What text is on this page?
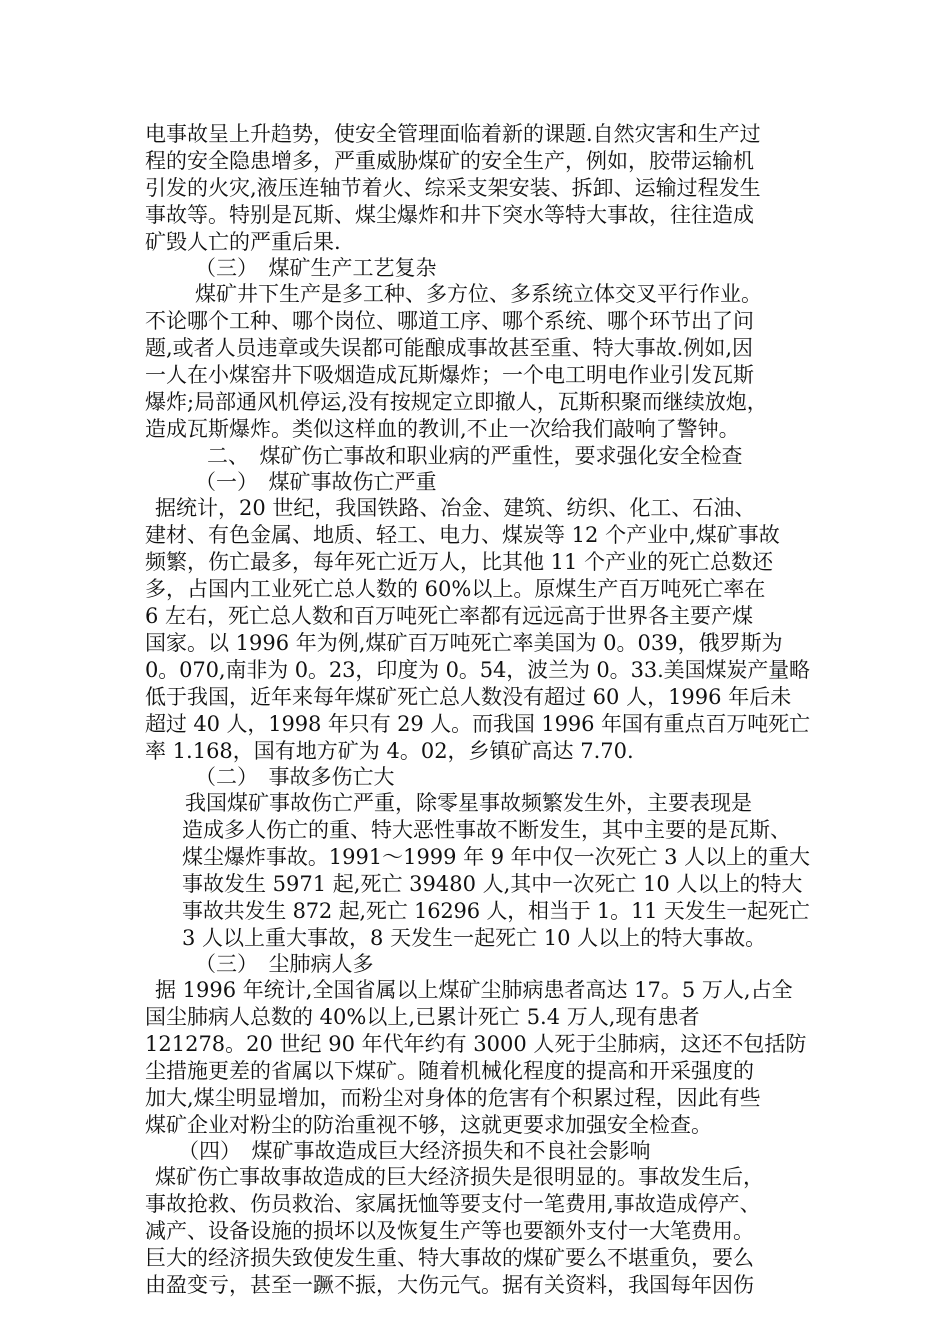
电事故呈上升趋势，使安全管理面临着新的课题.自然灾害和生产过
程的安全隐患增多，严重威胁煤矿的安全生产，例如，胶带运输机
引发的火灾,液压连轴节着火、综采支架安装、拆卸、运输过程发生
事故等。特别是瓦斯、煤尘爆炸和井下突水等特大事故，往往造成
矿毁人亡的严重后果.
（三）　煤矿生产工艺复杂
煤矿井下生产是多工种、多方位、多系统立体交叉平行作业。
不论哪个工种、哪个岗位、哪道工序、哪个系统、哪个环节出了问
题,或者人员违章或失误都可能酿成事故甚至重、特大事故.例如,因
一人在小煤窑井下吸烟造成瓦斯爆炸；一个电工明电作业引发瓦斯
爆炸;局部通风机停运,没有按规定立即撤人，瓦斯积聚而继续放炮，
造成瓦斯爆炸。类似这样血的教训,不止一次给我们敲响了警钟。
二、　煤矿伤亡事故和职业病的严重性，要求强化安全检查
（一）　煤矿事故伤亡严重
据统计，20 世纪，我国铁路、冶金、建筑、纺织、化工、石油、
建材、有色金属、地质、轻工、电力、煤炭等 12 个产业中,煤矿事故
频繁，伤亡最多，每年死亡近万人，比其他 11 个产业的死亡总数还
多，占国内工业死亡总人数的 60%以上。原煤生产百万吨死亡率在
6 左右，死亡总人数和百万吨死亡率都有远远高于世界各主要产煤
国家。以 1996 年为例,煤矿百万吨死亡率美国为 0。039，俄罗斯为
0。070,南非为 0。23，印度为 0。54，波兰为 0。33.美国煤炭产量略
低于我国，近年来每年煤矿死亡总人数没有超过 60 人，1996 年后未
超过 40 人，1998 年只有 29 人。而我国 1996 年国有重点百万吨死亡
率 1.168，国有地方矿为 4。02，乡镇矿高达 7.70.
（二）　事故多伤亡大
我国煤矿事故伤亡严重，除零星事故频繁发生外，主要表现是
造成多人伤亡的重、特大恶性事故不断发生，其中主要的是瓦斯、
煤尘爆炸事故。1991～1999 年 9 年中仅一次死亡 3 人以上的重大
事故发生 5971 起,死亡 39480 人,其中一次死亡 10 人以上的特大
事故共发生 872 起,死亡 16296 人，相当于 1。11 天发生一起死亡
3 人以上重大事故，8 天发生一起死亡 10 人以上的特大事故。
（三）　尘肺病人多
据 1996 年统计,全国省属以上煤矿尘肺病患者高达 17。5 万人,占全
国尘肺病人总数的 40%以上,已累计死亡 5.4 万人,现有患者
121278。20 世纪 90 年代年约有 3000 人死于尘肺病，这还不包括防
尘措施更差的省属以下煤矿。随着机械化程度的提高和开采强度的
加大,煤尘明显增加，而粉尘对身体的危害有个积累过程，因此有些
煤矿企业对粉尘的防治重视不够，这就更要求加强安全检查。
（四）　煤矿事故造成巨大经济损失和不良社会影响
煤矿伤亡事故事故造成的巨大经济损失是很明显的。事故发生后，
事故抢救、伤员救治、家属抚恤等要支付一笔费用,事故造成停产、
减产、设备设施的损坏以及恢复生产等也要额外支付一大笔费用。
巨大的经济损失致使发生重、特大事故的煤矿要么不堪重负，要么
由盈变亏，甚至一蹶不振，大伤元气。据有关资料，我国每年因伤
